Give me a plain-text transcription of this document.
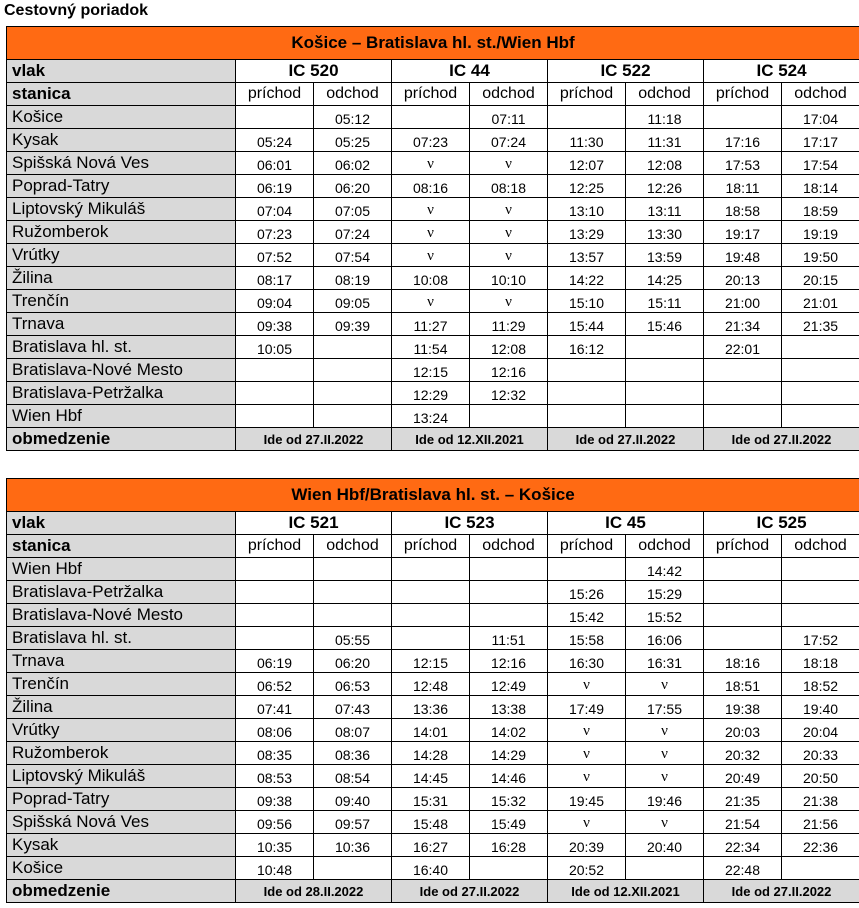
Cestovný poriadok
Košice – Bratislava hl. st./Wien Hbf								
vlak	IC 520		IC 44		IC 522		IC 524	
stanica	príchod	odchod	príchod	odchod	príchod	odchod	príchod	odchod
Košice		05:12		07:11		11:18		17:04
Kysak	05:24	05:25	07:23	07:24	11:30	11:31	17:16	17:17
Spišská Nová Ves	06:01	06:02	ν	ν	12:07	12:08	17:53	17:54
Poprad-Tatry	06:19	06:20	08:16	08:18	12:25	12:26	18:11	18:14
Liptovský Mikuláš	07:04	07:05	ν	ν	13:10	13:11	18:58	18:59
Ružomberok	07:23	07:24	ν	ν	13:29	13:30	19:17	19:19
Vrútky	07:52	07:54	ν	ν	13:57	13:59	19:48	19:50
Žilina	08:17	08:19	10:08	10:10	14:22	14:25	20:13	20:15
Trenčín	09:04	09:05	ν	ν	15:10	15:11	21:00	21:01
Trnava	09:38	09:39	11:27	11:29	15:44	15:46	21:34	21:35
Bratislava hl. st.	10:05		11:54	12:08	16:12		22:01	
Bratislava-Nové Mesto			12:15	12:16				
Bratislava-Petržalka			12:29	12:32				
Wien Hbf			13:24					
obmedzenie	Ide od 27.II.2022		Ide od 12.XII.2021		Ide od 27.II.2022		Ide od 27.II.2022	
Wien Hbf/Bratislava hl. st. – Košice								
vlak	IC 521		IC 523		IC 45		IC 525	
stanica	príchod	odchod	príchod	odchod	príchod	odchod	príchod	odchod
Wien Hbf						14:42		
Bratislava-Petržalka					15:26	15:29		
Bratislava-Nové Mesto					15:42	15:52		
Bratislava hl. st.		05:55		11:51	15:58	16:06		17:52
Trnava	06:19	06:20	12:15	12:16	16:30	16:31	18:16	18:18
Trenčín	06:52	06:53	12:48	12:49	ν	ν	18:51	18:52
Žilina	07:41	07:43	13:36	13:38	17:49	17:55	19:38	19:40
Vrútky	08:06	08:07	14:01	14:02	ν	ν	20:03	20:04
Ružomberok	08:35	08:36	14:28	14:29	ν	ν	20:32	20:33
Liptovský Mikuláš	08:53	08:54	14:45	14:46	ν	ν	20:49	20:50
Poprad-Tatry	09:38	09:40	15:31	15:32	19:45	19:46	21:35	21:38
Spišská Nová Ves	09:56	09:57	15:48	15:49	ν	ν	21:54	21:56
Kysak	10:35	10:36	16:27	16:28	20:39	20:40	22:34	22:36
Košice	10:48		16:40		20:52		22:48	
obmedzenie	Ide od 28.II.2022		Ide od 27.II.2022		Ide od 12.XII.2021		Ide od 27.II.2022	
